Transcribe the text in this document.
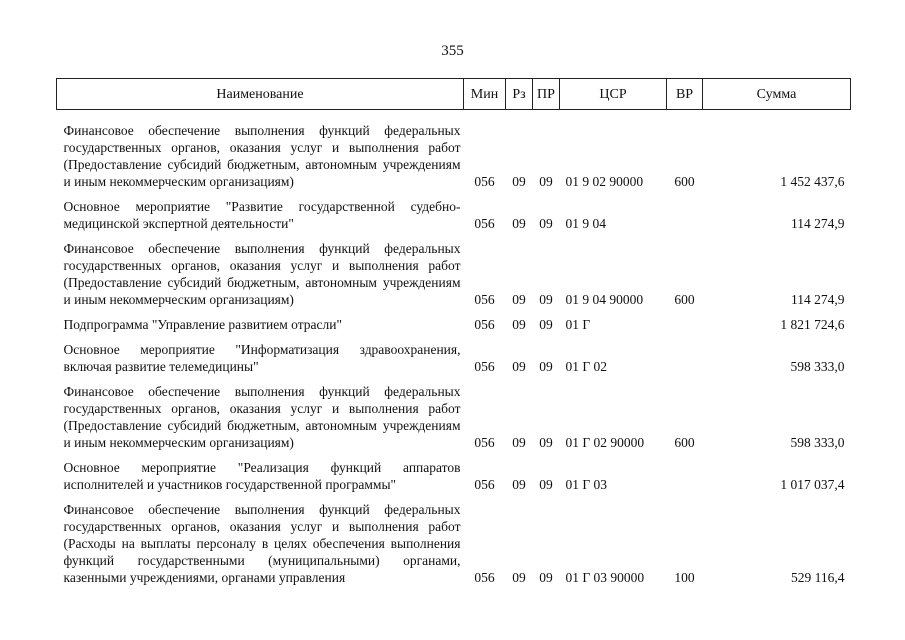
355
Наименование	Мин	Рз	ПР	ЦСР	ВР	Сумма

Финансовое обеспечение выполнения функций федеральных государственных органов, оказания услуг и выполнения работ (Предоставление субсидий бюджетным, автономным учреждениям и иным некоммерческим организациям)	056	09	09	01 9 02 90000	600	1 452 437,6
Основное мероприятие "Развитие государственной судебно-медицинской экспертной деятельности"	056	09	09	01 9 04		114 274,9
Финансовое обеспечение выполнения функций федеральных государственных органов, оказания услуг и выполнения работ (Предоставление субсидий бюджетным, автономным учреждениям и иным некоммерческим организациям)	056	09	09	01 9 04 90000	600	114 274,9
Подпрограмма "Управление развитием отрасли"	056	09	09	01 Г		1 821 724,6
Основное мероприятие "Информатизация здравоохранения, включая развитие телемедицины"	056	09	09	01 Г 02		598 333,0
Финансовое обеспечение выполнения функций федеральных государственных органов, оказания услуг и выполнения работ (Предоставление субсидий бюджетным, автономным учреждениям и иным некоммерческим организациям)	056	09	09	01 Г 02 90000	600	598 333,0
Основное мероприятие "Реализация функций аппаратов исполнителей и участников государственной программы"	056	09	09	01 Г 03		1 017 037,4
Финансовое обеспечение выполнения функций федеральных государственных органов, оказания услуг и выполнения работ (Расходы на выплаты персоналу в целях обеспечения выполнения функций государственными (муниципальными) органами, казенными учреждениями, органами управления	056	09	09	01 Г 03 90000	100	529 116,4
